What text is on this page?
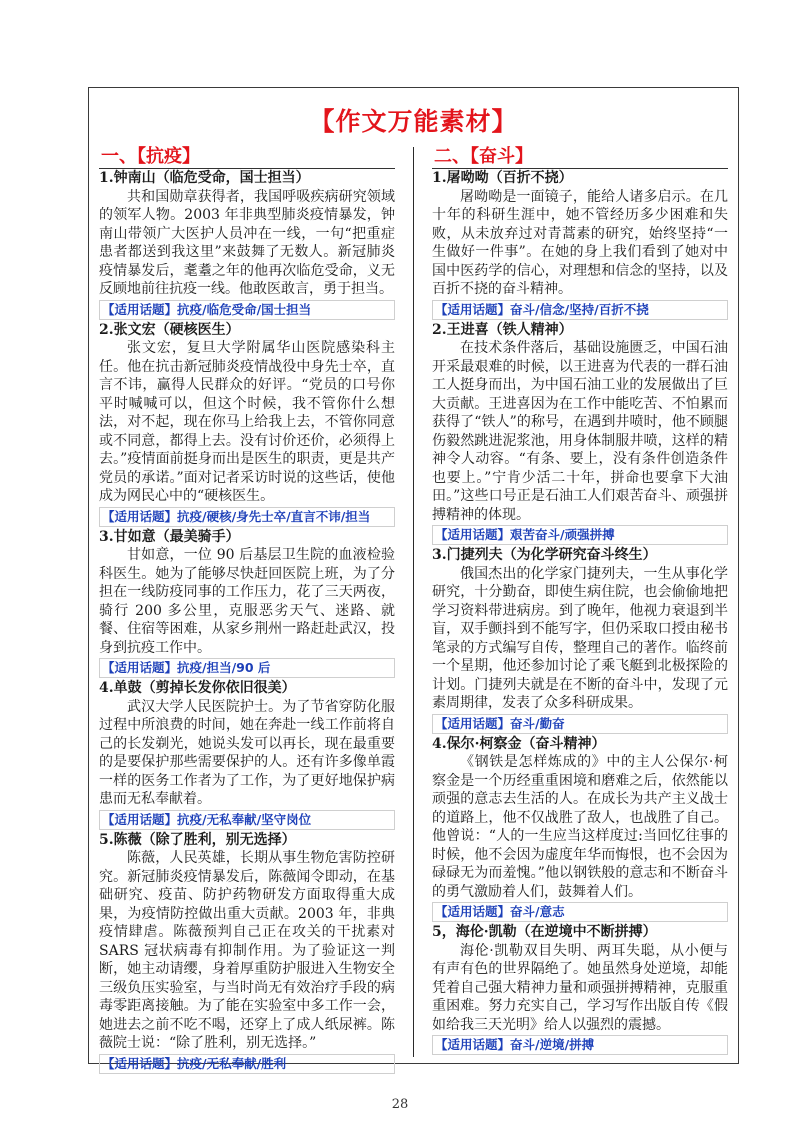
【作文万能素材】
一、【抗疫】
1.钟南山（临危受命，国士担当）

共和国勋章获得者，我国呼吸疾病研究领域的领军人物。2003 年非典型肺炎疫情暴发，钟南山带领广大医护人员冲在一线，一句“把重症患者都送到我这里”来鼓舞了无数人。新冠肺炎疫情暴发后，耄耋之年的他再次临危受命，义无反顾地前往抗疫一线。他敢医敢言，勇于担当。

【适用话题】抗疫/临危受命/国士担当
2.张文宏（硬核医生）

张文宏，复旦大学附属华山医院感染科主任。他在抗击新冠肺炎疫情战役中身先士卒，直言不讳，赢得人民群众的好评。“党员的口号你平时喊喊可以，但这个时候，我不管你什么想法，对不起，现在你马上给我上去，不管你同意或不同意，都得上去。没有讨价还价，必须得上去。”疫情面前挺身而出是医生的职责，更是共产党员的承诺。”面对记者采访时说的这些话，使他成为网民心中的“硬核医生。

【适用话题】抗疫/硬核/身先士卒/直言不讳/担当
3.甘如意（最美骑手）

甘如意，一位 90 后基层卫生院的血液检验科医生。她为了能够尽快赶回医院上班，为了分担在一线防疫同事的工作压力，花了三天两夜，骑行 200 多公里，克服恶劣天气、迷路、就餐、住宿等困难，从家乡荆州一路赶赴武汉，投身到抗疫工作中。

【适用话题】抗疫/担当/90 后
4.单鼓（剪掉长发你依旧很美）

武汉大学人民医院护士。为了节省穿防化服过程中所浪费的时间，她在奔赴一线工作前将自己的长发剃光，她说头发可以再长，现在最重要的是要保护那些需要保护的人。还有许多像单霞一样的医务工作者为了工作，为了更好地保护病患而无私奉献着。

【适用话题】抗疫/无私奉献/坚守岗位
5.陈薇（除了胜利，别无选择）

陈薇，人民英雄，长期从事生物危害防控研究。新冠肺炎疫情暴发后，陈薇闻令即动，在基础研究、疫苗、防护药物研发方面取得重大成果，为疫情防控做出重大贡献。2003 年，非典疫情肆虐。陈薇预判自己正在攻关的干扰素对 SARS 冠状病毒有抑制作用。为了验证这一判断，她主动请缨，身着厚重防护服进入生物安全三级负压实验室，与当时尚无有效治疗手段的病毒零距离接触。为了能在实验室中多工作一会，她进去之前不吃不喝，还穿上了成人纸尿裤。陈薇院士说：“除了胜利，别无选择。”

【适用话题】抗疫/无私奉献/胜利
二、【奋斗】
1.屠呦呦（百折不挠）

屠呦呦是一面镜子，能给人诸多启示。在几十年的科研生涯中，她不管经历多少困难和失败，从未放弃过对青蒿素的研究，始终坚持“一生做好一件事”。在她的身上我们看到了她对中国中医药学的信心，对理想和信念的坚持，以及百折不挠的奋斗精神。

【适用话题】奋斗/信念/坚持/百折不挠
2.王进喜（铁人精神）

在技术条件落后，基础设施匮乏，中国石油开采最艰难的时候，以王进喜为代表的一群石油工人挺身而出，为中国石油工业的发展做出了巨大贡献。王进喜因为在工作中能吃苦、不怕累而获得了“铁人”的称号，在遇到井喷时，他不顾腿伤毅然跳进泥浆池，用身体制服井喷，这样的精神令人动容。“有条、要上，没有条件创造条件也要上。”宁肯少活二十年，拼命也要拿下大油田。”这些口号正是石油工人们艰苦奋斗、顽强拼搏精神的体现。

【适用话题】艰苦奋斗/顽强拼搏
3.门捷列夫（为化学研究奋斗终生）

俄国杰出的化学家门捷列夫，一生从事化学研究，十分勤奋，即使生病住院，也会偷偷地把学习资料带进病房。到了晚年，他视力衰退到半盲，双手颤抖到不能写字，但仍采取口授由秘书笔录的方式编写自传，整理自己的著作。临终前一个星期，他还参加讨论了乘飞艇到北极探险的计划。门捷列夫就是在不断的奋斗中，发现了元素周期律，发表了众多科研成果。

【适用话题】奋斗/勤奋
4.保尔·柯察金（奋斗精神）

《钢铁是怎样炼成的》中的主人公保尔·柯察金是一个历经重重困境和磨难之后，依然能以顽强的意志去生活的人。在成长为共产主义战士的道路上，他不仅战胜了敌人，也战胜了自己。他曾说：“人的一生应当这样度过:当回忆往事的时候，他不会因为虚度年华而悔恨，也不会因为碌碌无为而羞愧。”他以钢铁般的意志和不断奋斗的勇气激励着人们，鼓舞着人们。

【适用话题】奋斗/意志
5，海伦·凯勒（在逆境中不断拼搏）

海伦·凯勒双目失明、两耳失聪，从小便与有声有色的世界隔绝了。她虽然身处逆境，却能凭着自己强大精神力量和顽强拼搏精神，克服重重困难。努力充实自己，学习写作出版自传《假如给我三天光明》给人以强烈的震撼。

【适用话题】奋斗/逆境/拼搏
28
